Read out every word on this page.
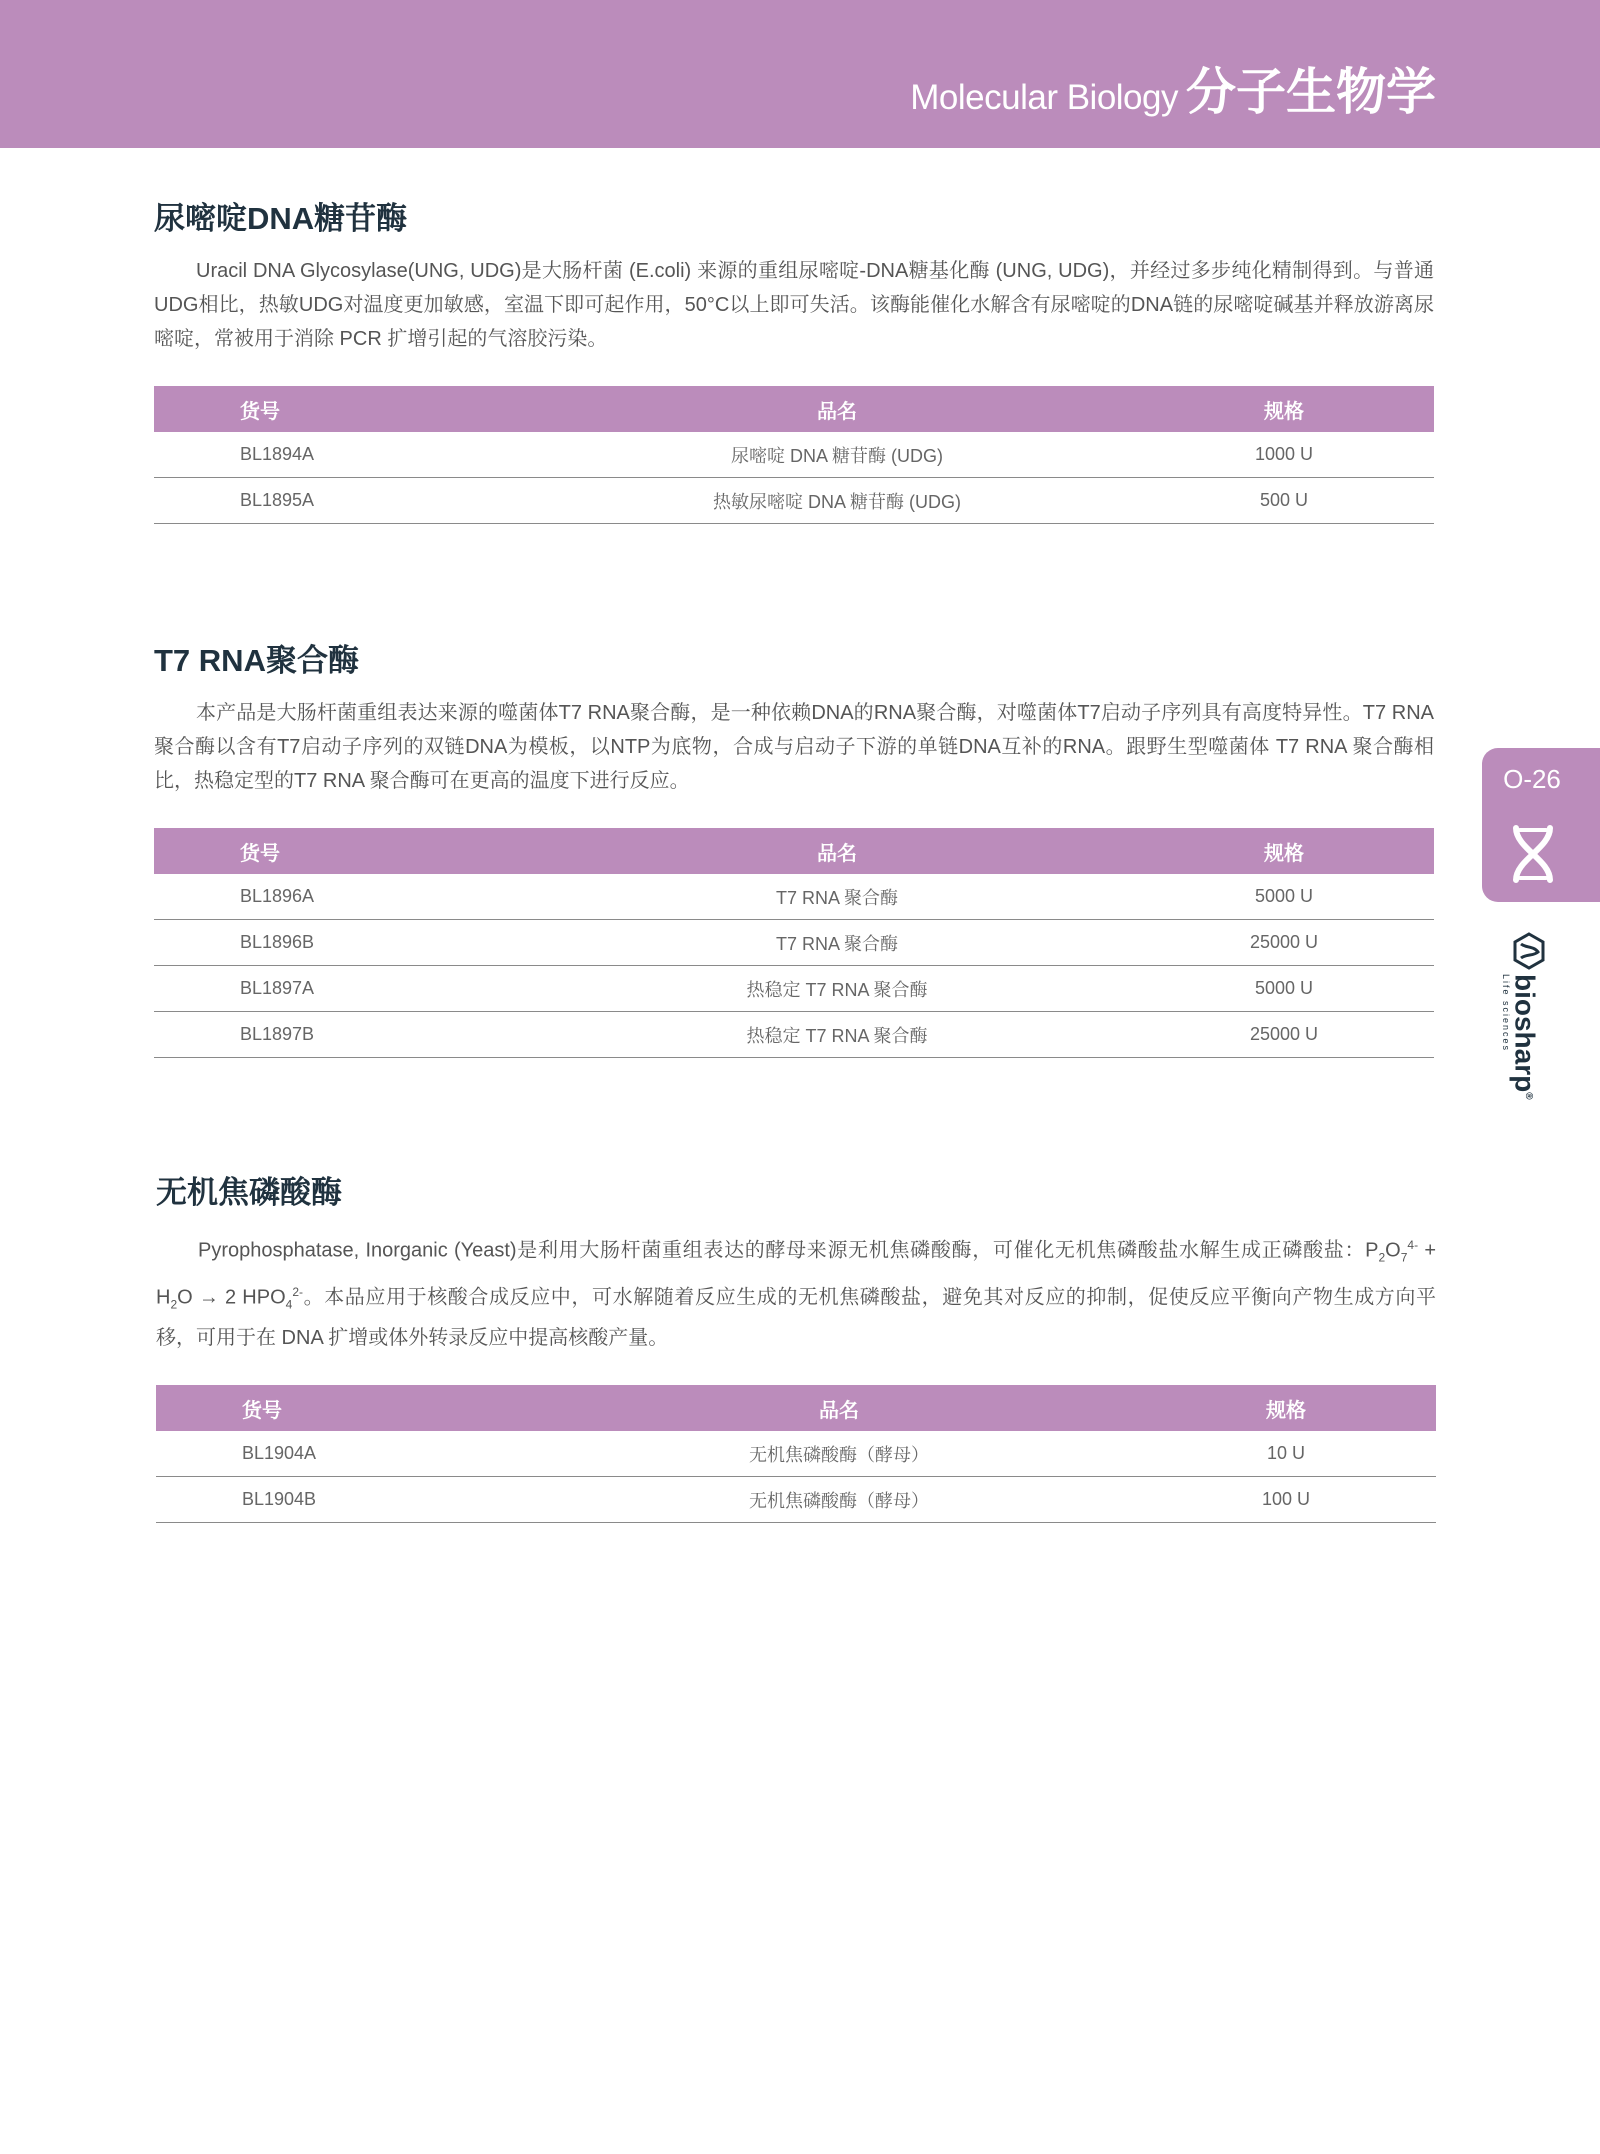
Molecular Biology 分子生物学
尿嘧啶DNA糖苷酶

Uracil DNA Glycosylase(UNG, UDG)是大肠杆菌 (E.coli) 来源的重组尿嘧啶-DNA糖基化酶 (UNG, UDG)，并经过多步纯化精制得到。与普通UDG相比，热敏UDG对温度更加敏感，室温下即可起作用，50°C以上即可失活。该酶能催化水解含有尿嘧啶的DNA链的尿嘧啶碱基并释放游离尿嘧啶，常被用于消除 PCR 扩增引起的气溶胶污染。

货号	品名	规格
BL1894A	尿嘧啶 DNA 糖苷酶 (UDG)	1000 U
BL1895A	热敏尿嘧啶 DNA 糖苷酶 (UDG)	500 U
T7 RNA聚合酶

本产品是大肠杆菌重组表达来源的噬菌体T7 RNA聚合酶，是一种依赖DNA的RNA聚合酶，对噬菌体T7启动子序列具有高度特异性。T7 RNA聚合酶以含有T7启动子序列的双链DNA为模板，以NTP为底物，合成与启动子下游的单链DNA互补的RNA。跟野生型噬菌体 T7 RNA 聚合酶相比，热稳定型的T7 RNA 聚合酶可在更高的温度下进行反应。

货号	品名	规格
BL1896A	T7 RNA 聚合酶	5000 U
BL1896B	T7 RNA 聚合酶	25000 U
BL1897A	热稳定 T7 RNA 聚合酶	5000 U
BL1897B	热稳定 T7 RNA 聚合酶	25000 U
无机焦磷酸酶

Pyrophosphatase, Inorganic (Yeast)是利用大肠杆菌重组表达的酵母来源无机焦磷酸酶，可催化无机焦磷酸盐水解生成正磷酸盐：$P_2O_7^{4-} + H_2O \to 2$ $HPO_4^{2-}$。本品应用于核酸合成反应中，可水解随着反应生成的无机焦磷酸盐，避免其对反应的抑制，促使反应平衡向产物生成方向平移，可用于在 DNA 扩增或体外转录反应中提高核酸产量。

货号	品名	规格
BL1904A	无机焦磷酸酶（酵母）	10 U
BL1904B	无机焦磷酸酶（酵母）	100 U
O-26
biosharp®
Life sciences
